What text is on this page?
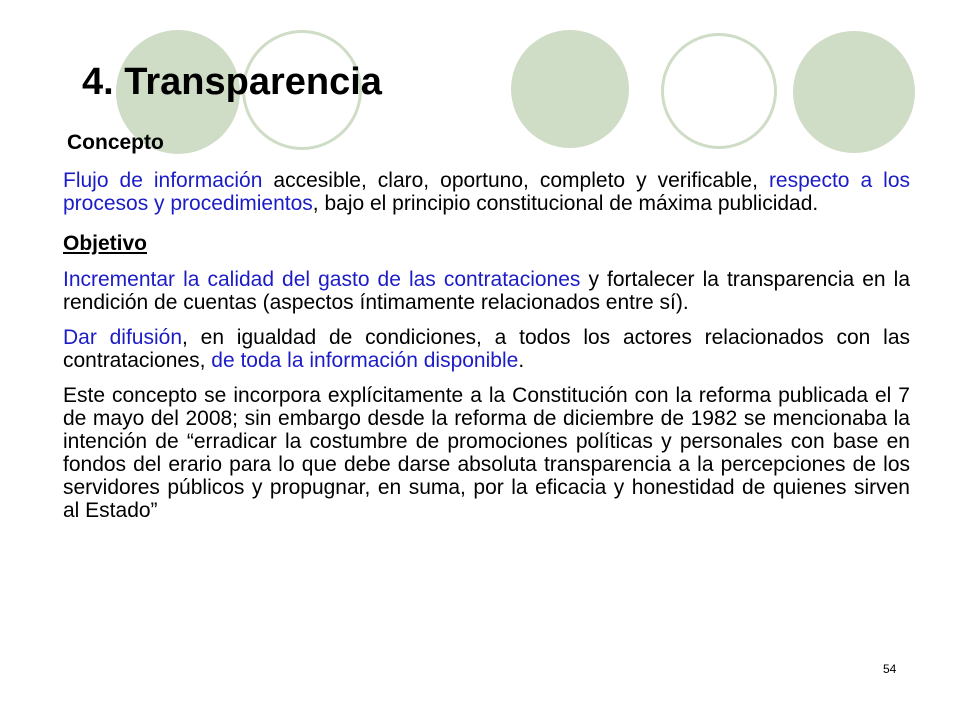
4. Transparencia

Concepto

Flujo de información accesible, claro, oportuno, completo y verificable, respecto a los procesos y procedimientos, bajo el principio constitucional de máxima publicidad.

Objetivo

Incrementar la calidad del gasto de las contrataciones y fortalecer la transparencia en la rendición de cuentas (aspectos íntimamente relacionados entre sí).

Dar difusión, en igualdad de condiciones, a todos los actores relacionados con las contrataciones, de toda la información disponible.

Este concepto se incorpora explícitamente a la Constitución con la reforma publicada el 7 de mayo del 2008; sin embargo desde la reforma de diciembre de 1982 se mencionaba la intención de “erradicar la costumbre de promociones políticas y personales con base en fondos del erario para lo que debe darse absoluta transparencia a la percepciones de los servidores públicos y propugnar, en suma, por la eficacia y honestidad de quienes sirven al Estado”

54
